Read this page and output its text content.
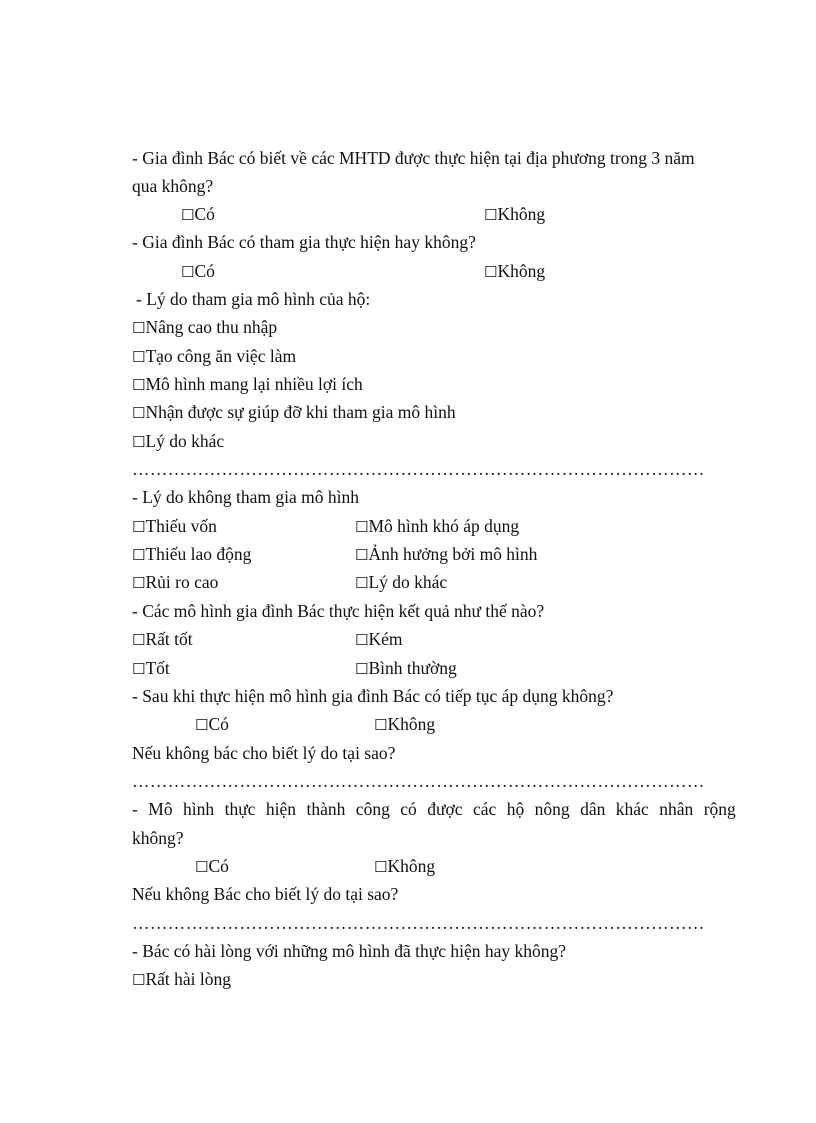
- Gia đình Bác có biết về các MHTD được thực hiện tại địa phương trong 3 năm
qua không?
☐Có	☐Không
- Gia đình Bác có tham gia thực hiện hay không?
☐Có	☐Không
- Lý do tham gia mô hình của hộ:
☐Nâng cao thu nhập
☐Tạo công ăn việc làm
☐Mô hình mang lại nhiều lợi ích
☐Nhận được sự giúp đỡ khi tham gia mô hình
☐Lý do khác
……………………………………………………………………………………
- Lý do không tham gia mô hình
☐Thiếu vốn	☐Mô hình khó áp dụng
☐Thiếu lao động	☐Ảnh hưởng bởi mô hình
☐Rủi ro cao	☐Lý do khác
- Các mô hình gia đình Bác thực hiện kết quả như thế nào?
☐Rất tốt	☐Kém
☐Tốt	☐Bình thường
- Sau khi thực hiện mô hình gia đình Bác có tiếp tục áp dụng không?
☐Có	☐Không
Nếu không bác cho biết lý do tại sao?
……………………………………………………………………………………
- Mô hình thực hiện thành công có được các hộ nông dân khác nhân rộng
không?
☐Có	☐Không
Nếu không Bác cho biết lý do tại sao?
……………………………………………………………………………………
- Bác có hài lòng với những mô hình đã thực hiện hay không?
☐Rất hài lòng
